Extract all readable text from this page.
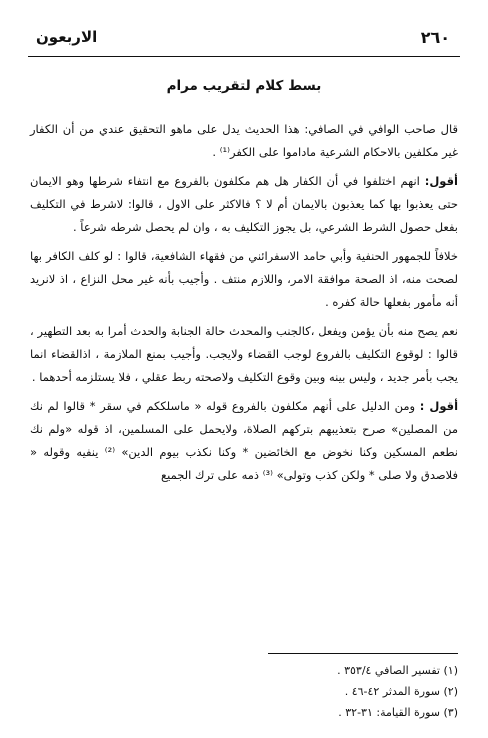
٢٦٠
الاربعون
بسط كلام لتقريب مرام

قال صاحب الوافي في الصافي: هذا الحديث يدل على ماهو التحقيق عندي من أن الكفار غير مكلفين بالاحكام الشرعية ماداموا على الكفر⁽¹⁾ .

أقول: انهم اختلفوا في أن الكفار هل هم مكلفون بالفروع مع انتفاء شرطها وهو الايمان حتى يعذبوا بها كما يعذبون بالايمان أم لا ؟ فالاكثر على الاول ، قالوا: لاشرط في التكليف بفعل حصول الشرط الشرعي، بل يجوز التكليف به ، وان لم يحصل شرطه شرعاً .

خلافاً للجمهور الحنفية وأبي حامد الاسفرائني من فقهاء الشافعية، قالوا : لو كلف الكافر بها لصحت منه، اذ الصحة موافقة الامر، واللازم منتف . وأجيب بأنه غير محل النزاع ، اذ لانريد أنه مأمور بفعلها حالة كفره .

نعم يصح منه بأن يؤمن ويفعل ،كالجنب والمحدث حالة الجنابة والحدث أمرا به بعد التطهير ، قالوا : لوقوع التكليف بالفروع لوجب القضاء ولايجب. وأجيب بمنع الملازمة ، اذالقضاء انما يجب بأمر جديد ، وليس بينه وبين وقوع التكليف ولاصحته ربط عقلي ، فلا يستلزمه أحدهما .

أقول : ومن الدليل على أنهم مكلفون بالفروع قوله « ماسلككم في سقر * قالوا لم نك من المصلين» صرح بتعذيبهم بتركهم الصلاة، ولايحمل على المسلمين، اذ قوله «ولم نك نطعم المسكين وكنا نخوض مع الخائضين * وكنا نكذب بيوم الدين» ⁽²⁾ ينفيه وقوله « فلاصدق ولا صلى * ولكن كذب وتولى» ⁽³⁾ ذمه على ترك الجميع

(١) تفسير الصافي ٣٥٣/٤ .
(٢) سورة المدثر ٤٢-٤٦ .
(٣) سورة القيامة: ٣١-٣٢ .
